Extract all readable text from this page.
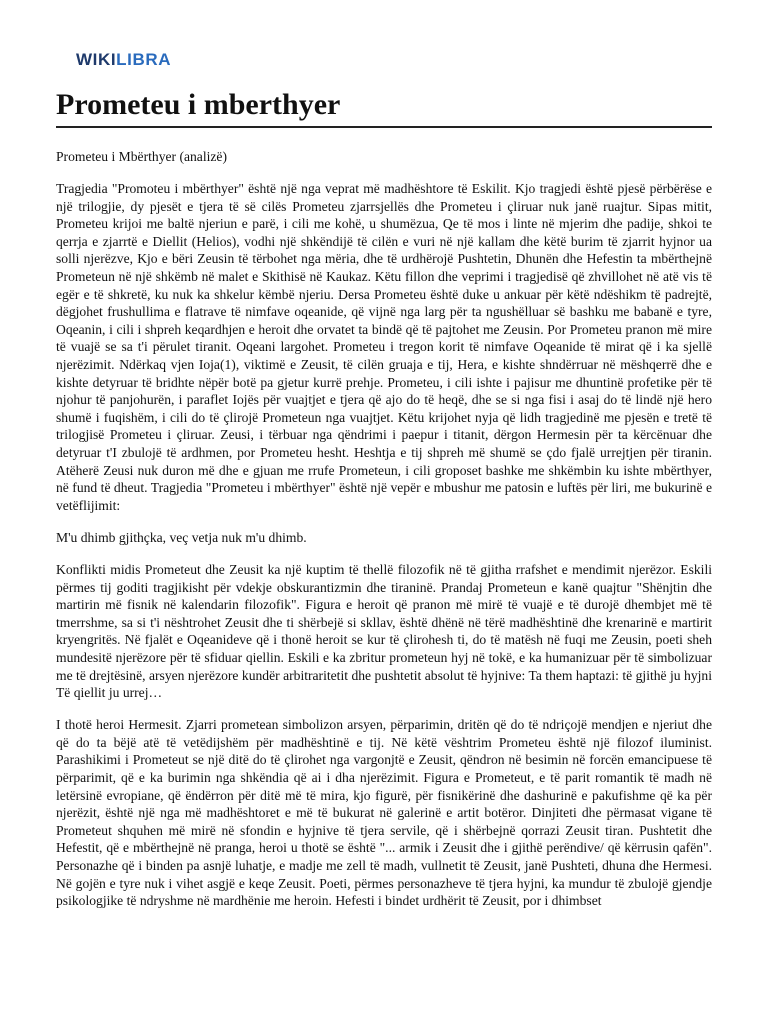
WIKILIBRA
Prometeu i mberthyer

Prometeu i Mbërthyer (analizë)

Tragjedia "Promoteu i mbërthyer" është një nga veprat më madhështore të Eskilit. Kjo tragjedi është pjesë përbërëse e një trilogjie, dy pjesët e tjera të së cilës Prometeu zjarrsjellës dhe Prometeu i çliruar nuk janë ruajtur. Sipas mitit, Prometeu krijoi me baltë njeriun e parë, i cili me kohë, u shumëzua, Qe të mos i linte në mjerim dhe padije, shkoi te qerrja e zjarrtë e Diellit (Helios), vodhi një shkëndijë të cilën e vuri në një kallam dhe këtë burim të zjarrit hyjnor ua solli njerëzve, Kjo e bëri Zeusin të tërbohet nga mëria, dhe të urdhërojë Pushtetin, Dhunën dhe Hefestin ta mbërthejnë Prometeun në një shkëmb në malet e Skithisë në Kaukaz. Këtu fillon dhe veprimi i tragjedisë që zhvillohet në atë vis të egër e të shkretë, ku nuk ka shkelur këmbë njeriu. Dersa Prometeu është duke u ankuar për këtë ndëshikm të padrejtë, dëgjohet frushullima e flatrave të nimfave oqeanide, që vijnë nga larg për ta ngushëlluar së bashku me babanë e tyre, Oqeanin, i cili i shpreh keqardhjen e heroit dhe orvatet ta bindë që të pajtohet me Zeusin. Por Prometeu pranon më mire të vuajë se sa t'i përulet tiranit. Oqeani largohet. Prometeu i tregon korit të nimfave Oqeanide të mirat që i ka sjellë njerëzimit. Ndërkaq vjen Ioja(1), viktimë e Zeusit, të cilën gruaja e tij, Hera, e kishte shndërruar në mëshqerrë dhe e kishte detyruar të bridhte nëpër botë pa gjetur kurrë prehje. Prometeu, i cili ishte i pajisur me dhuntinë profetike për të njohur të panjohurën, i paraflet Iojës për vuajtjet e tjera që ajo do të heqë, dhe se si nga fisi i asaj do të lindë një hero shumë i fuqishëm, i cili do të çlirojë Prometeun nga vuajtjet. Këtu krijohet nyja që lidh tragjedinë me pjesën e tretë të trilogjisë Prometeu i çliruar. Zeusi, i tërbuar nga qëndrimi i paepur i titanit, dërgon Hermesin për ta kërcënuar dhe detyruar t'I zbulojë të ardhmen, por Prometeu hesht. Heshtja e tij shpreh më shumë se çdo fjalë urrejtjen për tiranin. Atëherë Zeusi nuk duron më dhe e gjuan me rrufe Prometeun, i cili groposet bashke me shkëmbin ku ishte mbërthyer, në fund të dheut. Tragjedia "Prometeu i mbërthyer" është një vepër e mbushur me patosin e luftës për liri, me bukurinë e vetëflijimit:

M'u dhimb gjithçka, veç vetja nuk m'u dhimb.

Konflikti midis Prometeut dhe Zeusit ka një kuptim të thellë filozofik në të gjitha rrafshet e mendimit njerëzor. Eskili përmes tij goditi tragjikisht për vdekje obskurantizmin dhe tiraninë. Prandaj Prometeun e kanë quajtur "Shënjtin dhe martirin më fisnik në kalendarin filozofik". Figura e heroit që pranon më mirë të vuajë e të durojë dhembjet më të tmerrshme, sa si t'i nështrohet Zeusit dhe ti shërbejë si skllav, është dhënë në tërë madhështinë dhe krenarinë e martirit kryengritës. Në fjalët e Oqeanideve që i thonë heroit se kur të çlirohesh ti, do të matësh në fuqi me Zeusin, poeti sheh mundesitë njerëzore për të sfiduar qiellin. Eskili e ka zbritur prometeun hyj në tokë, e ka humanizuar për të simbolizuar me të drejtësinë, arsyen njerëzore kundër arbitraritetit dhe pushtetit absolut të hyjnive: Ta them haptazi: të gjithë ju hyjni Të qiellit ju urrej…

I thotë heroi Hermesit. Zjarri prometean simbolizon arsyen, përparimin, dritën që do të ndriçojë mendjen e njeriut dhe që do ta bëjë atë të vetëdijshëm për madhështinë e tij. Në këtë vështrim Prometeu është një filozof iluminist. Parashikimi i Prometeut se një ditë do të çlirohet nga vargonjtë e Zeusit, qëndron në besimin në forcën emancipuese të përparimit, që e ka burimin nga shkëndia që ai i dha njerëzimit. Figura e Prometeut, e të parit romantik të madh në letërsinë evropiane, që ëndërron për ditë më të mira, kjo figurë, për fisnikërinë dhe dashurinë e pakufishme që ka për njerëzit, është një nga më madhështoret e më të bukurat në galerinë e artit botëror. Dinjiteti dhe përmasat vigane të Prometeut shquhen më mirë në sfondin e hyjnive të tjera servile, që i shërbejnë qorrazi Zeusit tiran. Pushtetit dhe Hefestit, që e mbërthejnë në pranga, heroi u thotë se është "... armik i Zeusit dhe i gjithë perëndive/ që kërrusin qafën". Personazhe që i binden pa asnjë luhatje, e madje me zell të madh, vullnetit të Zeusit, janë Pushteti, dhuna dhe Hermesi. Në gojën e tyre nuk i vihet asgjë e keqe Zeusit. Poeti, përmes personazheve të tjera hyjni, ka mundur të zbulojë gjendje psikologjike të ndryshme në mardhënie me heroin. Hefesti i bindet urdhërit të Zeusit, por i dhimbset
